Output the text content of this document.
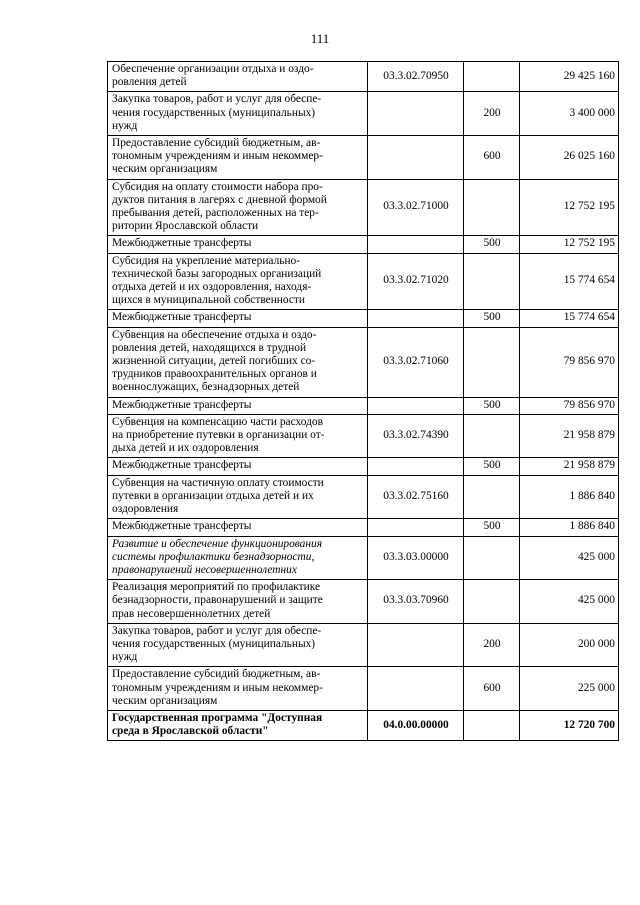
111
Обеспечение организации отдыха и оздо-
ровления детей	03.3.02.70950		29 425 160
Закупка товаров, работ и услуг для обеспе-
чения государственных (муниципальных)
нужд		200	3 400 000
Предоставление субсидий бюджетным, ав-
тономным учреждениям и иным некоммер-
ческим организациям		600	26 025 160
Субсидия на оплату стоимости набора про-
дуктов питания в лагерях с дневной формой
пребывания детей, расположенных на тер-
ритории Ярославской области	03.3.02.71000		12 752 195
Межбюджетные трансферты		500	12 752 195
Субсидия на укрепление материально-
технической базы загородных организаций
отдыха детей и их оздоровления, находя-
щихся в муниципальной собственности	03.3.02.71020		15 774 654
Межбюджетные трансферты		500	15 774 654
Субвенция на обеспечение отдыха и оздо-
ровления детей, находящихся в трудной
жизненной ситуации, детей погибших со-
трудников правоохранительных органов и
военнослужащих, безнадзорных детей	03.3.02.71060		79 856 970
Межбюджетные трансферты		500	79 856 970
Субвенция на компенсацию части расходов
на приобретение путевки в организации от-
дыха детей и их оздоровления	03.3.02.74390		21 958 879
Межбюджетные трансферты		500	21 958 879
Субвенция на частичную оплату стоимости
путевки в организации отдыха детей и их
оздоровления	03.3.02.75160		1 886 840
Межбюджетные трансферты		500	1 886 840
Развитие и обеспечение функционирования
системы профилактики безнадзорности,
правонарушений несовершеннолетних	03.3.03.00000		425 000
Реализация мероприятий по профилактике
безнадзорности, правонарушений и защите
прав несовершеннолетних детей	03.3.03.70960		425 000
Закупка товаров, работ и услуг для обеспе-
чения государственных (муниципальных)
нужд		200	200 000
Предоставление субсидий бюджетным, ав-
тономным учреждениям и иным некоммер-
ческим организациям		600	225 000
Государственная программа "Доступная
среда в Ярославской области"	04.0.00.00000		12 720 700
